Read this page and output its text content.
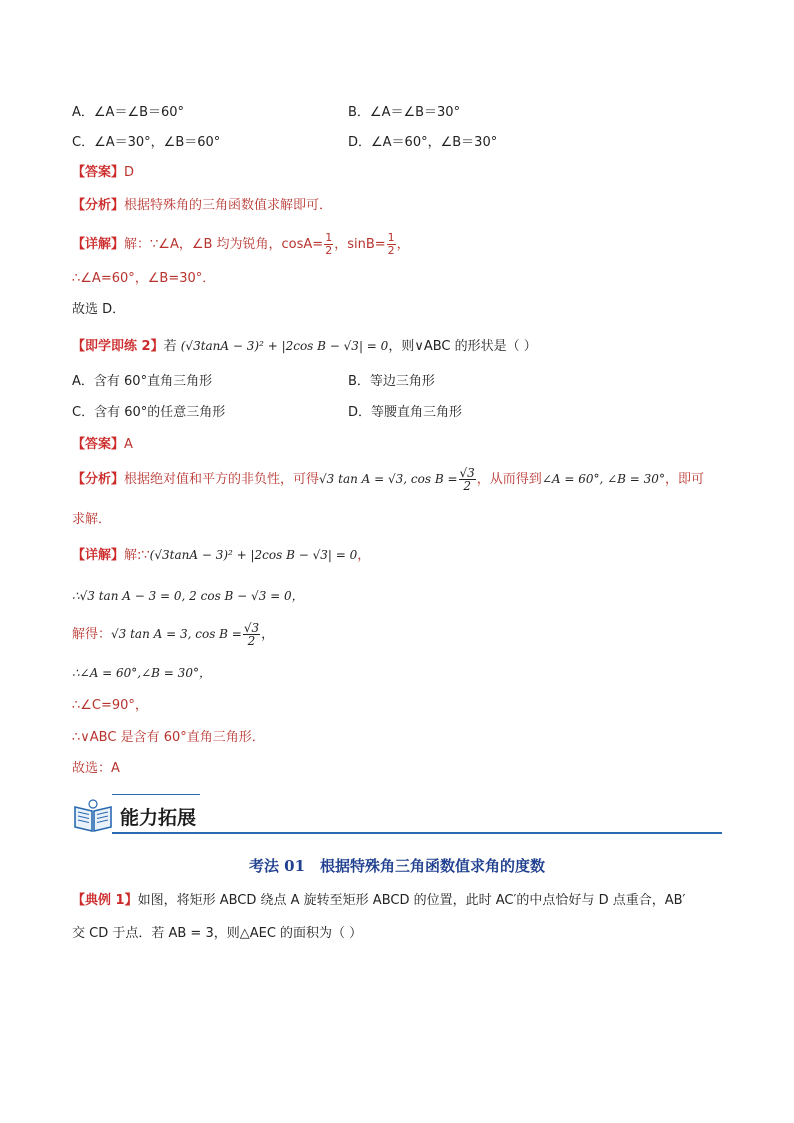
A．∠A＝∠B＝60°	B．∠A＝∠B＝30°
C．∠A＝30°，∠B＝60°	D．∠A＝60°，∠B＝30°
【答案】D
【分析】根据特殊角的三角函数值求解即可．
【详解】解：∵∠A，∠B 均为锐角，$\cos A= \frac{1}{2}$ ，$\sin B= \frac{1}{2}$ ，
∴∠A=60°，∠B=30°．
故选 D．
【即学即练 2】若 (√3tanA − 3)² + |2cos B − √3| = 0，则∨ABC 的形状是（ ）
A．含有 60°直角三角形	B．等边三角形
C．含有 60°的任意三角形	D．等腰直角三角形
【答案】A
【分析】根据绝对值和平方的非负性，可得√3 tan A = √3, $\cos B = \frac{√3}{2}$ ，从而得到∠A = 60°, ∠B = 30°，即可
求解．
【详解】解:∵(√3tanA − 3)² + |2cos B − √3| = 0，
∴√3 tan A − 3 = 0, 2 cos B − √3 = 0，
解得：√3 tan A = 3, $\cos B = \frac{√3}{2}$ ，
∴∠A = 60°,∠B = 30°，
∴∠C=90°，
∴∨ABC 是含有 60°直角三角形．
故选：A
能力拓展
考法 01　根据特殊角三角函数值求角的度数
【典例 1】如图，将矩形 ABCD 绕点 A 旋转至矩形 ABCD 的位置，此时 AC′的中点恰好与 D 点重合，AB′
交 CD 于点．若 AB = 3，则△AEC 的面积为（ ）
